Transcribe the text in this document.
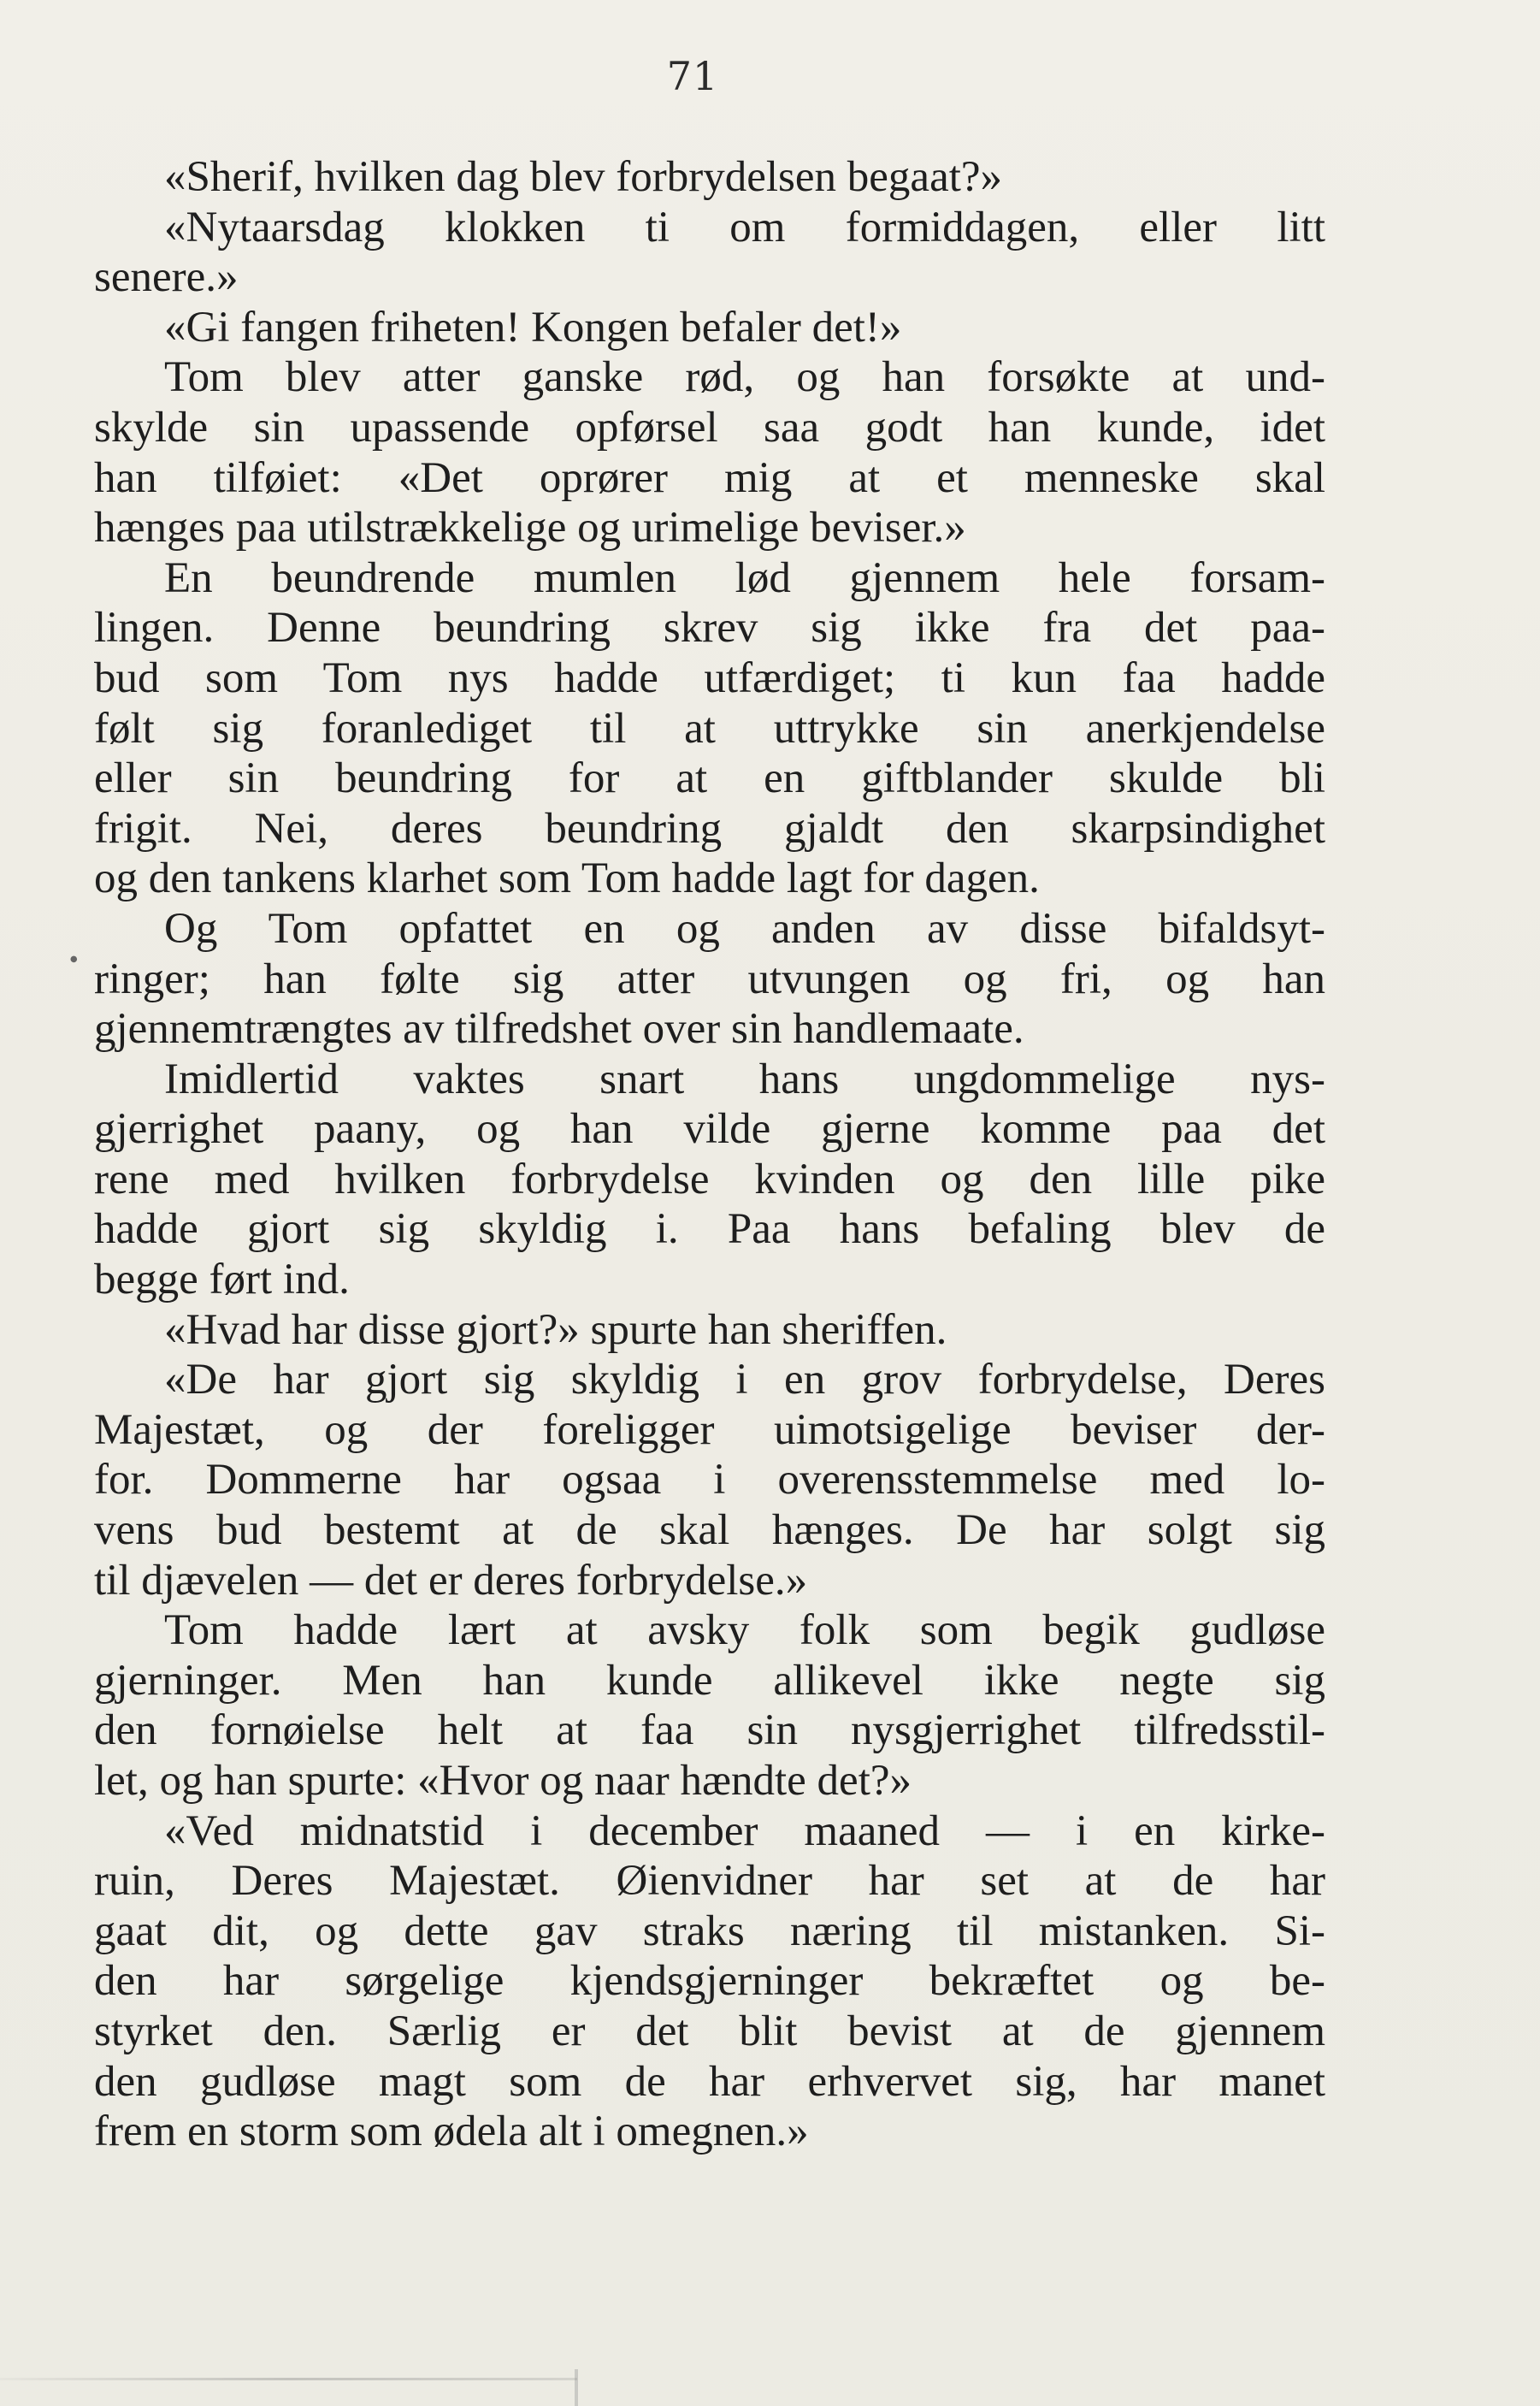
71
•
«Sherif, hvilken dag blev forbrydelsen begaat?»
«Nytaarsdag klokken ti om formiddagen, eller litt
senere.»
«Gi fangen friheten! Kongen befaler det!»
Tom blev atter ganske rød, og han forsøkte at und-
skylde sin upassende opførsel saa godt han kunde, idet
han tilføiet: «Det oprører mig at et menneske skal
hænges paa utilstrækkelige og urimelige beviser.»
En beundrende mumlen lød gjennem hele forsam-
lingen. Denne beundring skrev sig ikke fra det paa-
bud som Tom nys hadde utfærdiget; ti kun faa hadde
følt sig foranlediget til at uttrykke sin anerkjendelse
eller sin beundring for at en giftblander skulde bli
frigit. Nei, deres beundring gjaldt den skarpsindighet
og den tankens klarhet som Tom hadde lagt for dagen.
Og Tom opfattet en og anden av disse bifaldsyt-
ringer; han følte sig atter utvungen og fri, og han
gjennemtrængtes av tilfredshet over sin handlemaate.
Imidlertid vaktes snart hans ungdommelige nys-
gjerrighet paany, og han vilde gjerne komme paa det
rene med hvilken forbrydelse kvinden og den lille pike
hadde gjort sig skyldig i. Paa hans befaling blev de
begge ført ind.
«Hvad har disse gjort?» spurte han sheriffen.
«De har gjort sig skyldig i en grov forbrydelse, Deres
Majestæt, og der foreligger uimotsigelige beviser der-
for. Dommerne har ogsaa i overensstemmelse med lo-
vens bud bestemt at de skal hænges. De har solgt sig
til djævelen — det er deres forbrydelse.»
Tom hadde lært at avsky folk som begik gudløse
gjerninger. Men han kunde allikevel ikke negte sig
den fornøielse helt at faa sin nysgjerrighet tilfredsstil-
let, og han spurte: «Hvor og naar hændte det?»
«Ved midnatstid i december maaned — i en kirke-
ruin, Deres Majestæt. Øienvidner har set at de har
gaat dit, og dette gav straks næring til mistanken. Si-
den har sørgelige kjendsgjerninger bekræftet og be-
styrket den. Særlig er det blit bevist at de gjennem
den gudløse magt som de har erhvervet sig, har manet
frem en storm som ødela alt i omegnen.»
